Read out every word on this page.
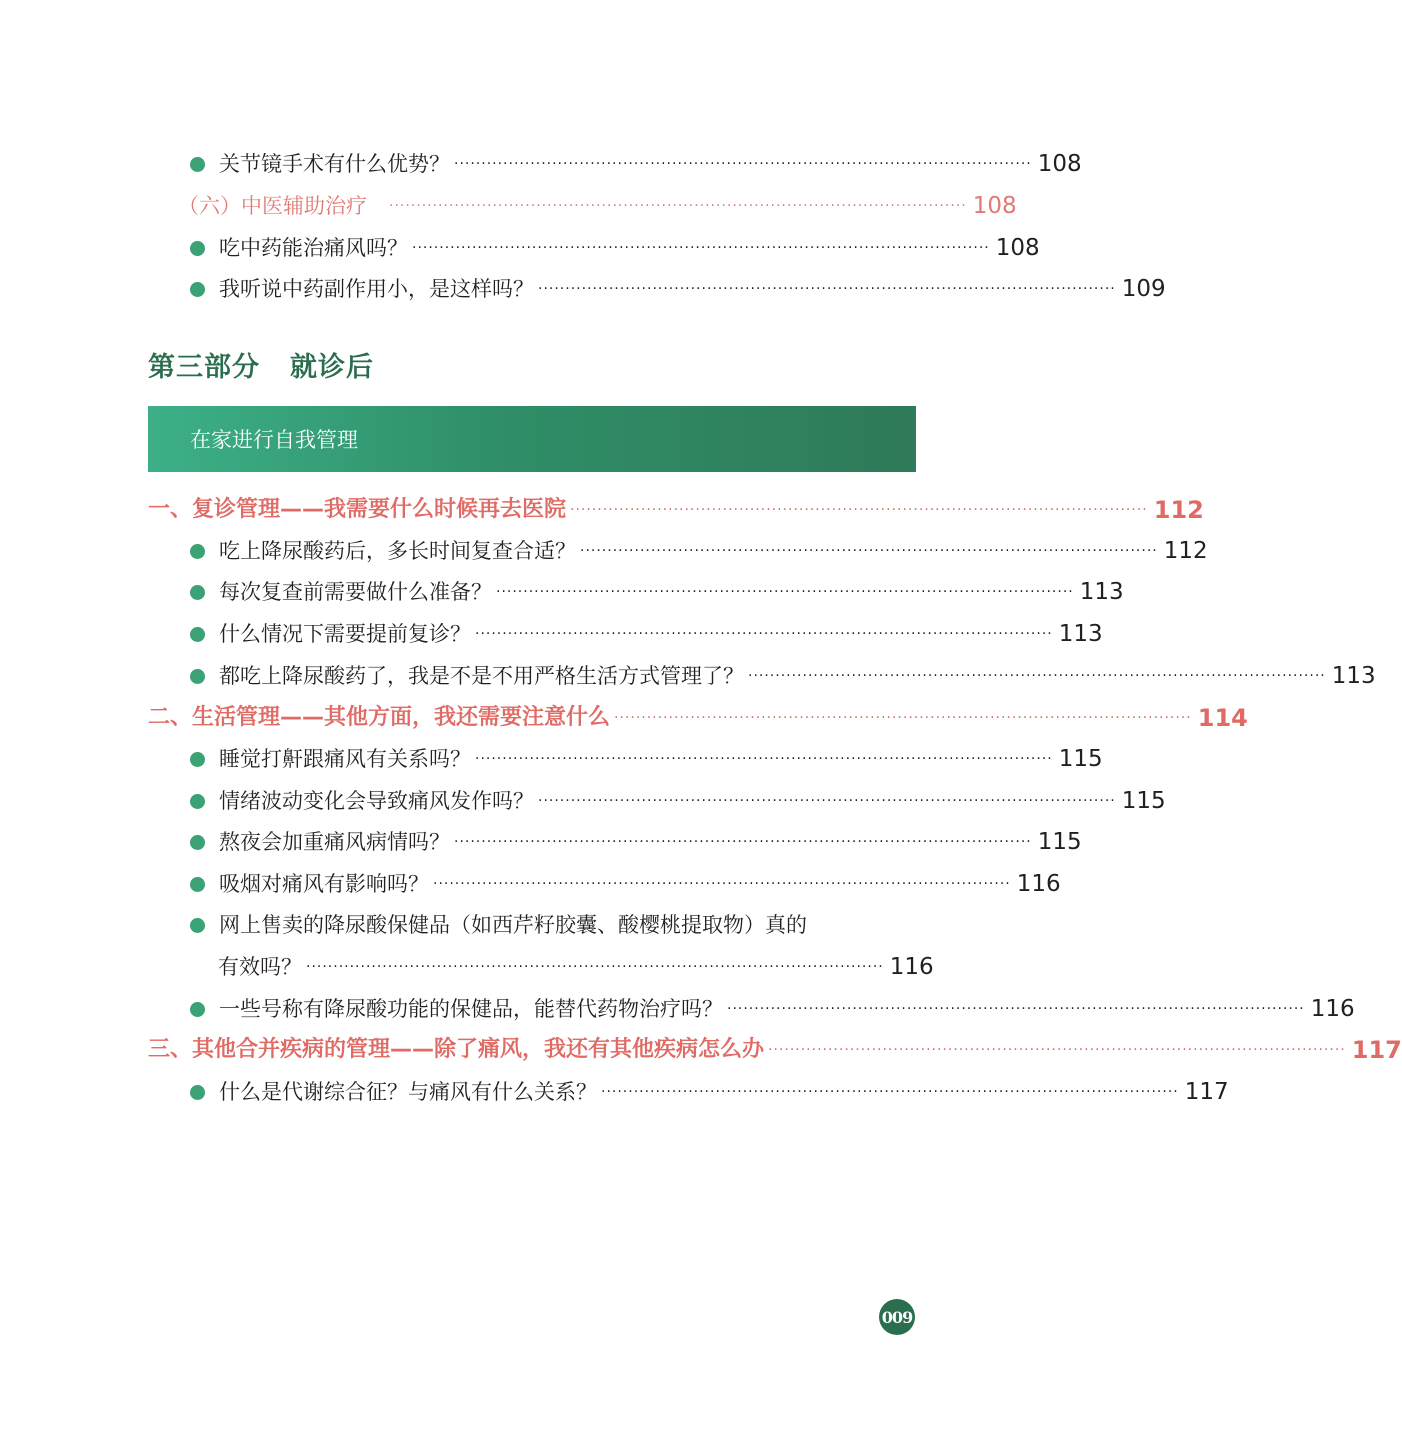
关节镜手术有什么优势？ ·········································································································· 108
（六）中医辅助治疗 ·········································································································· 108
吃中药能治痛风吗？ ·········································································································· 108
我听说中药副作用小，是这样吗？ ·········································································································· 109
第三部分 就诊后
在家进行自我管理
一、复诊管理——我需要什么时候再去医院 ·········································································································· 112
吃上降尿酸药后，多长时间复查合适？ ·········································································································· 112
每次复查前需要做什么准备？ ·········································································································· 113
什么情况下需要提前复诊？ ·········································································································· 113
都吃上降尿酸药了，我是不是不用严格生活方式管理了？ ·········································································································· 113
二、生活管理——其他方面，我还需要注意什么 ·········································································································· 114
睡觉打鼾跟痛风有关系吗？ ·········································································································· 115
情绪波动变化会导致痛风发作吗？ ·········································································································· 115
熬夜会加重痛风病情吗？ ·········································································································· 115
吸烟对痛风有影响吗？ ·········································································································· 116
网上售卖的降尿酸保健品（如西芹籽胶囊、酸樱桃提取物）真的
有效吗？ ·········································································································· 116
一些号称有降尿酸功能的保健品，能替代药物治疗吗？ ·········································································································· 116
三、其他合并疾病的管理——除了痛风，我还有其他疾病怎么办 ·········································································································· 117
什么是代谢综合征？与痛风有什么关系？ ·········································································································· 117
009
